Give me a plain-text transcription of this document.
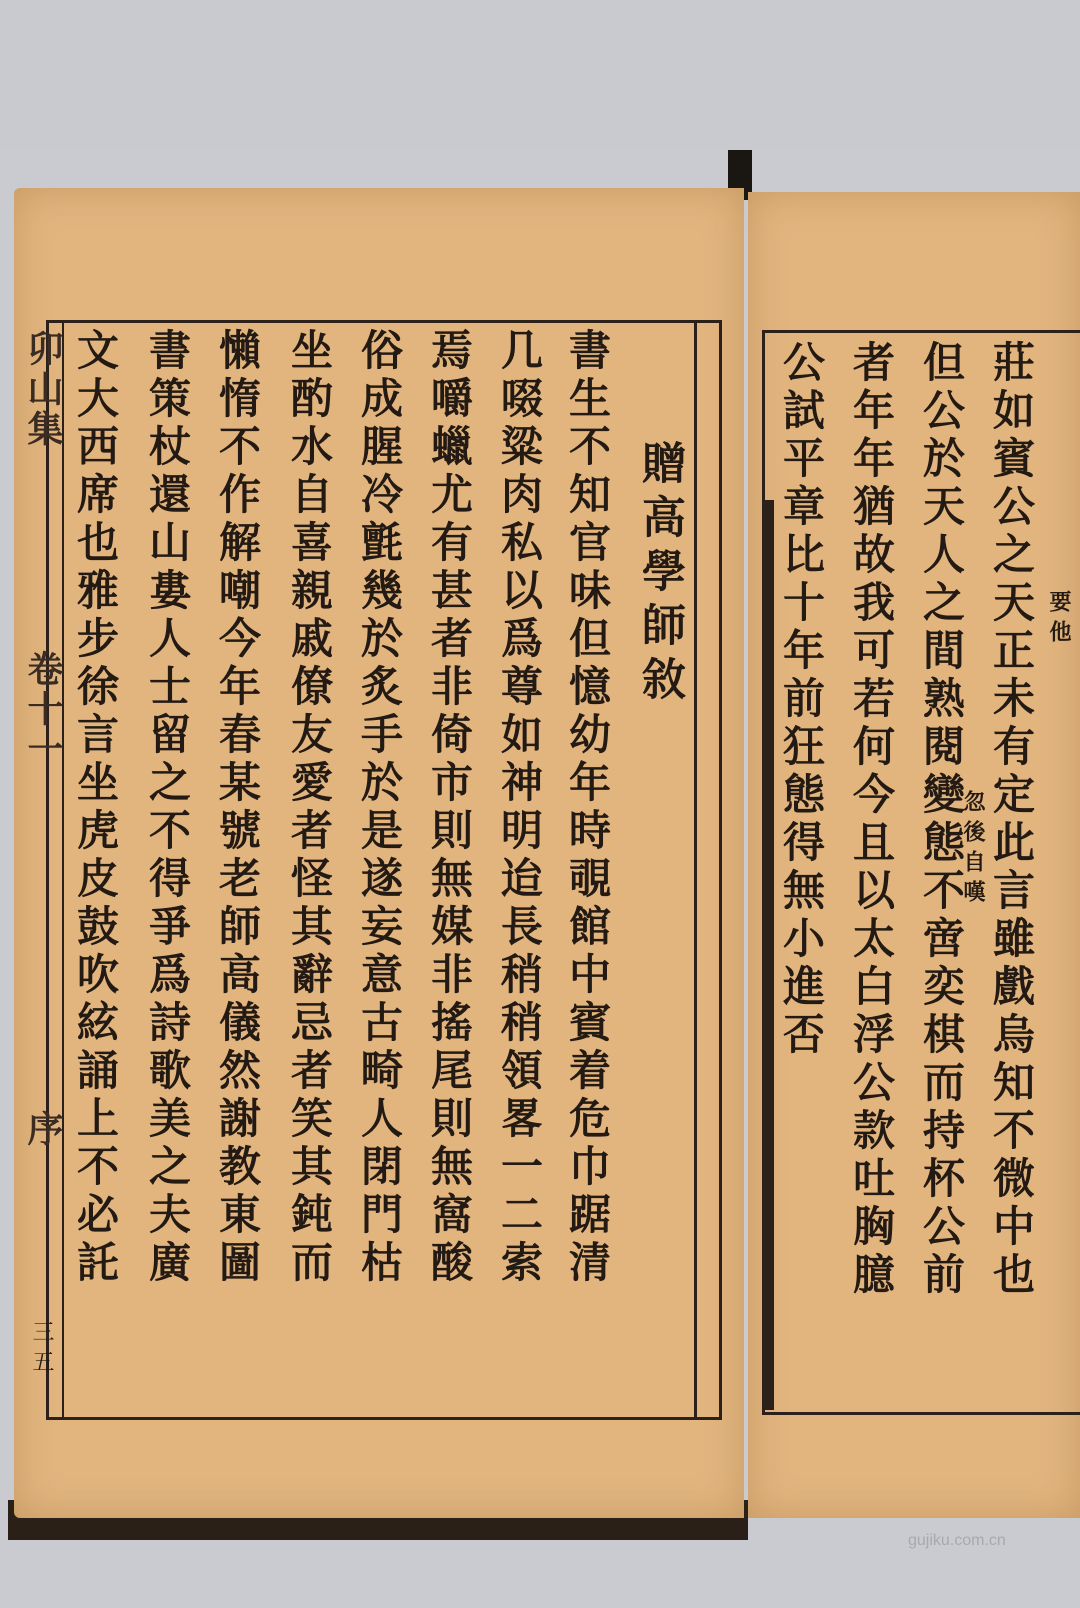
卯山集
卷十一
序
三五
贈高學師敘
書生不知官味但憶幼年時覗館中賓着危巾踞清
几啜粱肉私以爲尊如神明迨長稍稍領畧一二索
焉嚼蠟尤有甚者非倚市則無媒非搖尾則無窩酸
俗成腥冷氈幾於炙手於是遂妄意古畸人閉門枯
坐酌水自喜親戚僚友愛者怪其辭忌者笑其鈍而
懶惰不作解嘲今年春某號老師高儀然謝教東圖
書策杖還山婁人士留之不得爭爲詩歌美之夫廣
文大西席也雅步徐言坐虎皮鼓吹絃誦上不必託	莊如賓公之天正未有定此言雖戲烏知不微中也
但公於天人之間熟閱變態不啻奕棋而持杯公前
者年年猶故我可若何今且以太白浮公款吐胸臆
公試平章比十年前狂態得無小進否	要他
忽後自嘆
gujiku.com.cn
